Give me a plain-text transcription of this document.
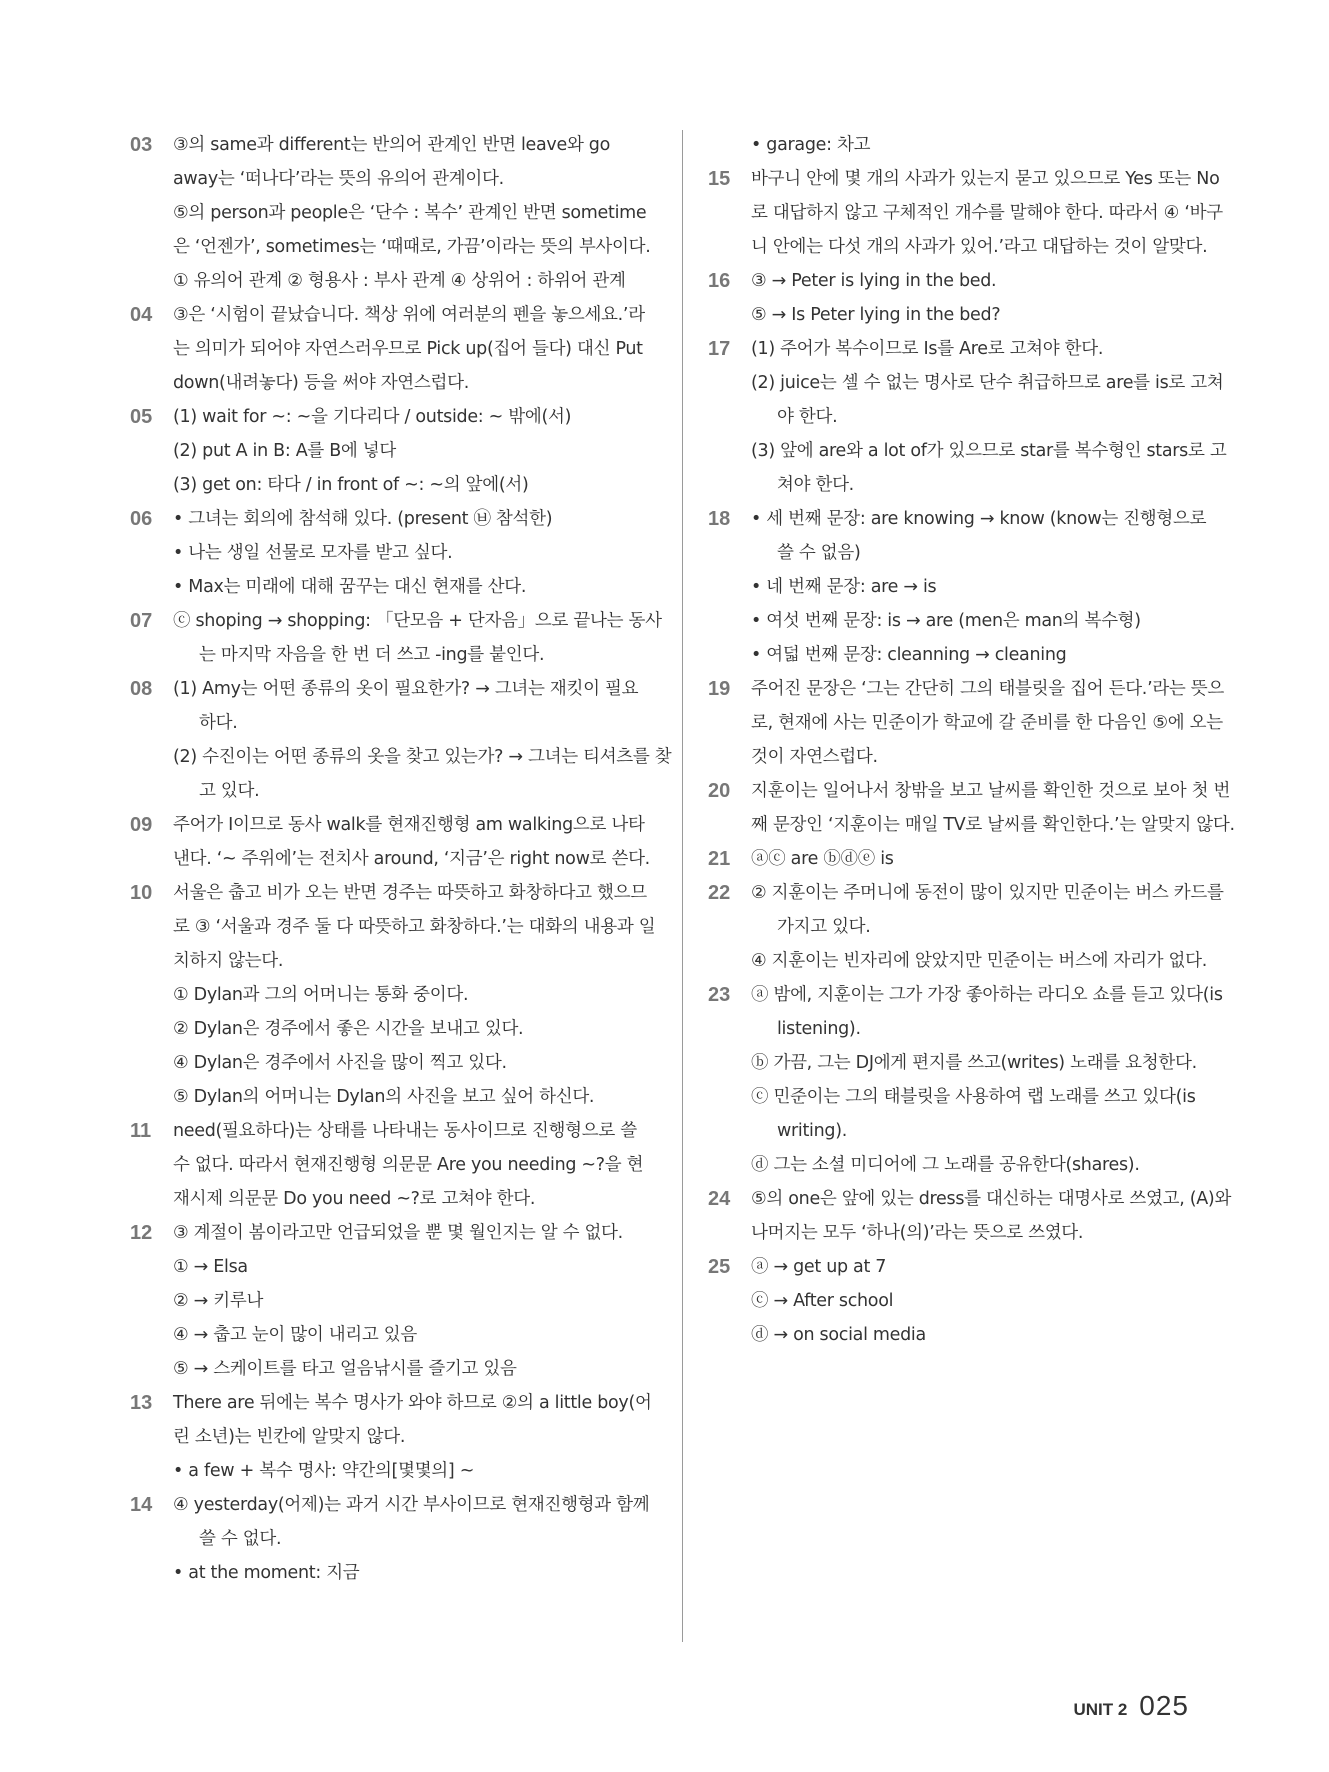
03	③의 same과 different는 반의어 관계인 반면 leave와 go
away는 ‘떠나다’라는 뜻의 유의어 관계이다.
⑤의 person과 people은 ‘단수 : 복수’ 관계인 반면 sometime
은 ‘언젠가’, sometimes는 ‘때때로, 가끔’이라는 뜻의 부사이다.
① 유의어 관계 ② 형용사 : 부사 관계 ④ 상위어 : 하위어 관계
04	③은 ‘시험이 끝났습니다. 책상 위에 여러분의 펜을 놓으세요.’라
는 의미가 되어야 자연스러우므로 Pick up(집어 들다) 대신 Put
down(내려놓다) 등을 써야 자연스럽다.
05	(1) wait for ~: ~을 기다리다 / outside: ~ 밖에(서)
(2) put A in B: A를 B에 넣다
(3) get on: 타다 / in front of ~: ~의 앞에(서)
06	• 그녀는 회의에 참석해 있다. (present ㉥ 참석한)
• 나는 생일 선물로 모자를 받고 싶다.
• Max는 미래에 대해 꿈꾸는 대신 현재를 산다.
07	ⓒ shoping → shopping: 「단모음 + 단자음」으로 끝나는 동사
는 마지막 자음을 한 번 더 쓰고 -ing를 붙인다.
08	(1) Amy는 어떤 종류의 옷이 필요한가? → 그녀는 재킷이 필요
하다.
(2) 수진이는 어떤 종류의 옷을 찾고 있는가? → 그녀는 티셔츠를 찾
고 있다.
09	주어가 I이므로 동사 walk를 현재진행형 am walking으로 나타
낸다. ‘~ 주위에’는 전치사 around, ‘지금’은 right now로 쓴다.
10	서울은 춥고 비가 오는 반면 경주는 따뜻하고 화창하다고 했으므
로 ③ ‘서울과 경주 둘 다 따뜻하고 화창하다.’는 대화의 내용과 일
치하지 않는다.
① Dylan과 그의 어머니는 통화 중이다.
② Dylan은 경주에서 좋은 시간을 보내고 있다.
④ Dylan은 경주에서 사진을 많이 찍고 있다.
⑤ Dylan의 어머니는 Dylan의 사진을 보고 싶어 하신다.
11	need(필요하다)는 상태를 나타내는 동사이므로 진행형으로 쓸
수 없다. 따라서 현재진행형 의문문 Are you needing ~?을 현
재시제 의문문 Do you need ~?로 고쳐야 한다.
12	③ 계절이 봄이라고만 언급되었을 뿐 몇 월인지는 알 수 없다.
① → Elsa
② → 키루나
④ → 춥고 눈이 많이 내리고 있음
⑤ → 스케이트를 타고 얼음낚시를 즐기고 있음
13	There are 뒤에는 복수 명사가 와야 하므로 ②의 a little boy(어
린 소년)는 빈칸에 알맞지 않다.
• a few + 복수 명사: 약간의[몇몇의] ~
14	④ yesterday(어제)는 과거 시간 부사이므로 현재진행형과 함께
쓸 수 없다.
• at the moment: 지금
• garage: 차고
15	바구니 안에 몇 개의 사과가 있는지 묻고 있으므로 Yes 또는 No
로 대답하지 않고 구체적인 개수를 말해야 한다. 따라서 ④ ‘바구
니 안에는 다섯 개의 사과가 있어.’라고 대답하는 것이 알맞다.
16	③ → Peter is lying in the bed.
⑤ → Is Peter lying in the bed?
17	(1) 주어가 복수이므로 Is를 Are로 고쳐야 한다.
(2) juice는 셀 수 없는 명사로 단수 취급하므로 are를 is로 고쳐
야 한다.
(3) 앞에 are와 a lot of가 있으므로 star를 복수형인 stars로 고
쳐야 한다.
18	• 세 번째 문장: are knowing → know (know는 진행형으로
쓸 수 없음)
• 네 번째 문장: are → is
• 여섯 번째 문장: is → are (men은 man의 복수형)
• 여덟 번째 문장: cleanning → cleaning
19	주어진 문장은 ‘그는 간단히 그의 태블릿을 집어 든다.’라는 뜻으
로, 현재에 사는 민준이가 학교에 갈 준비를 한 다음인 ⑤에 오는
것이 자연스럽다.
20	지훈이는 일어나서 창밖을 보고 날씨를 확인한 것으로 보아 첫 번
째 문장인 ‘지훈이는 매일 TV로 날씨를 확인한다.’는 알맞지 않다.
21	ⓐⓒ are ⓑⓓⓔ is
22	② 지훈이는 주머니에 동전이 많이 있지만 민준이는 버스 카드를
가지고 있다.
④ 지훈이는 빈자리에 앉았지만 민준이는 버스에 자리가 없다.
23	ⓐ 밤에, 지훈이는 그가 가장 좋아하는 라디오 쇼를 듣고 있다(is
listening).
ⓑ 가끔, 그는 DJ에게 편지를 쓰고(writes) 노래를 요청한다.
ⓒ 민준이는 그의 태블릿을 사용하여 랩 노래를 쓰고 있다(is
writing).
ⓓ 그는 소셜 미디어에 그 노래를 공유한다(shares).
24	⑤의 one은 앞에 있는 dress를 대신하는 대명사로 쓰였고, (A)와
나머지는 모두 ‘하나(의)’라는 뜻으로 쓰였다.
25	ⓐ → get up at 7
ⓒ → After school
ⓓ → on social media
UNIT 2 025
